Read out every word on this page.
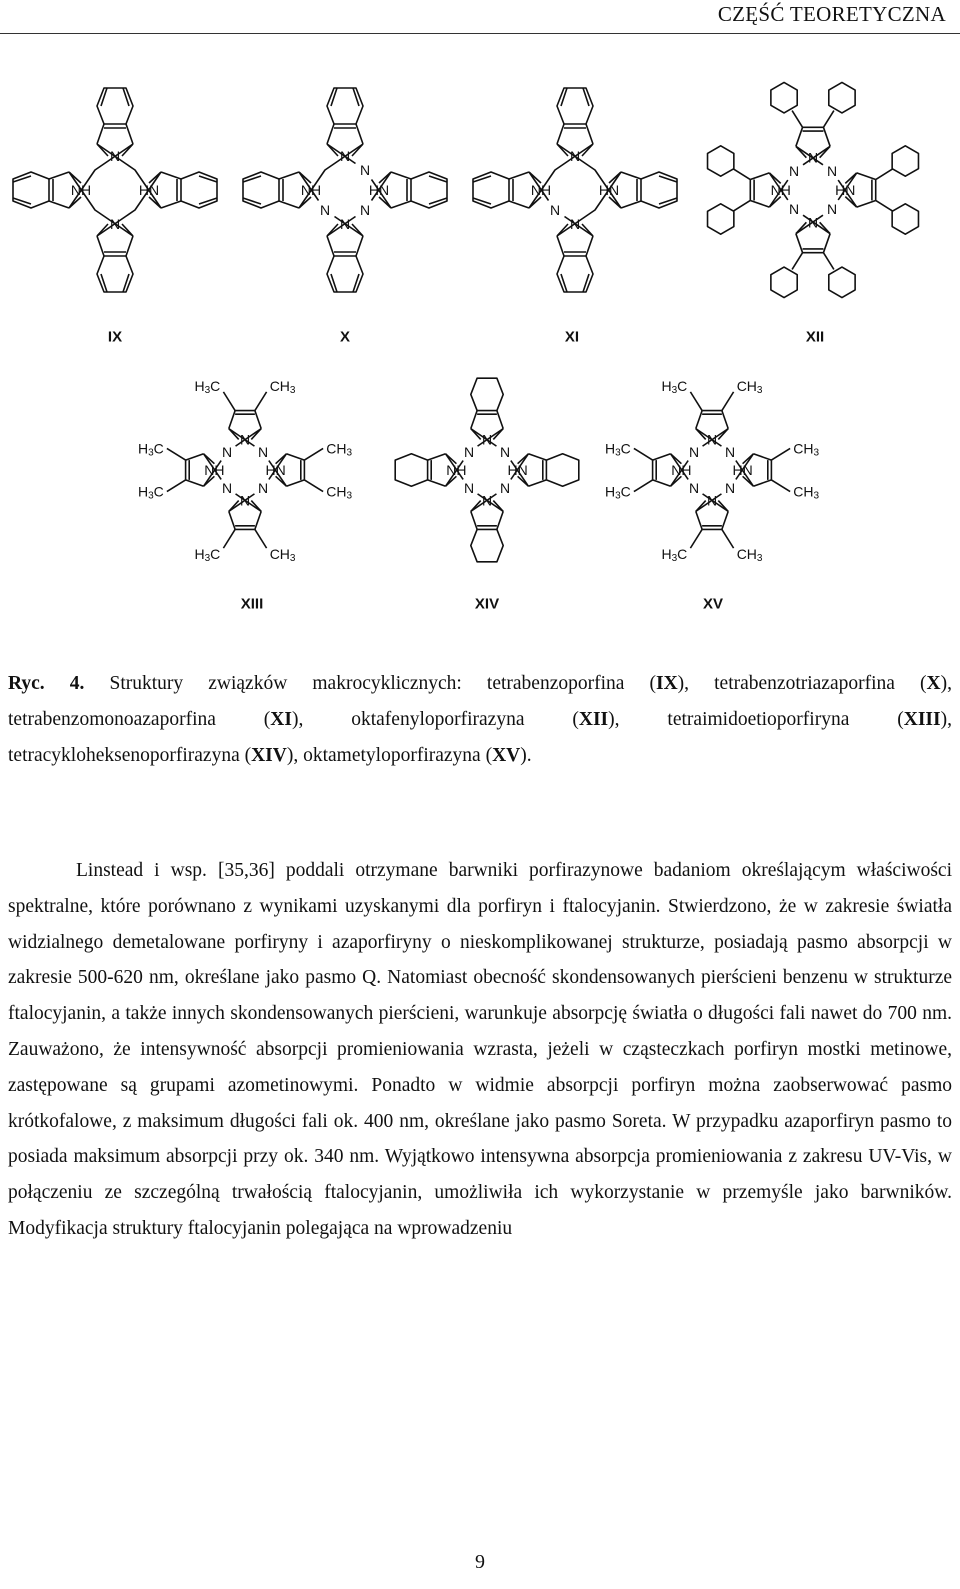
CZĘŚĆ TEORETYCZNA
N
HN
N
NH
N
HN
N
NH
N
N
N
N
HN
N
NH
N
N
HN
N
NH
N
N
N
N
N
$CH_3$
$H_3C$
HN
$CH_3$
$CH_3$
N
$H_3C$	$CH_3$
NH
$H_3C$
$H_3C$
N
N
N
N
N
HN
N
NH
N
N
N
N
N
$CH_3$
$H_3C$
HN
$CH_3$
$CH_3$
N
$H_3C$	$CH_3$
NH
$H_3C$
$H_3C$
N
N
N
N
IX	X	XI	XII
XIII	XIV	XV
Ryc. 4. Struktury związków makrocyklicznych: tetrabenzoporfina (IX), tetrabenzotriazaporfina (X), tetrabenzomonoazaporfina (XI), oktafenyloporfirazyna (XII), tetraimidoetioporfiryna (XIII), tetracykloheksenoporfirazyna (XIV), oktametyloporfirazyna (XV).
Linstead i wsp. [35,36] poddali otrzymane barwniki porfirazynowe badaniom określającym właściwości spektralne, które porównano z wynikami uzyskanymi dla porfiryn i ftalocyjanin. Stwierdzono, że w zakresie światła widzialnego demetalowane porfiryny i azaporfiryny o nieskomplikowanej strukturze, posiadają pasmo absorpcji w zakresie 500-620 nm, określane jako pasmo Q. Natomiast obecność skondensowanych pierścieni benzenu w strukturze ftalocyjanin, a także innych skondensowanych pierścieni, warunkuje absorpcję światła o długości fali nawet do 700 nm. Zauważono, że intensywność absorpcji promieniowania wzrasta, jeżeli w cząsteczkach porfiryn mostki metinowe, zastępowane są grupami azometinowymi. Ponadto w widmie absorpcji porfiryn można zaobserwować pasmo krótkofalowe, z maksimum długości fali ok. 400 nm, określane jako pasmo Soreta. W przypadku azaporfiryn pasmo to posiada maksimum absorpcji przy ok. 340 nm. Wyjątkowo intensywna absorpcja promieniowania z zakresu UV-Vis, w połączeniu ze szczególną trwałością ftalocyjanin, umożliwiła ich wykorzystanie w przemyśle jako barwników. Modyfikacja struktury ftalocyjanin polegająca na wprowadzeniu
9
